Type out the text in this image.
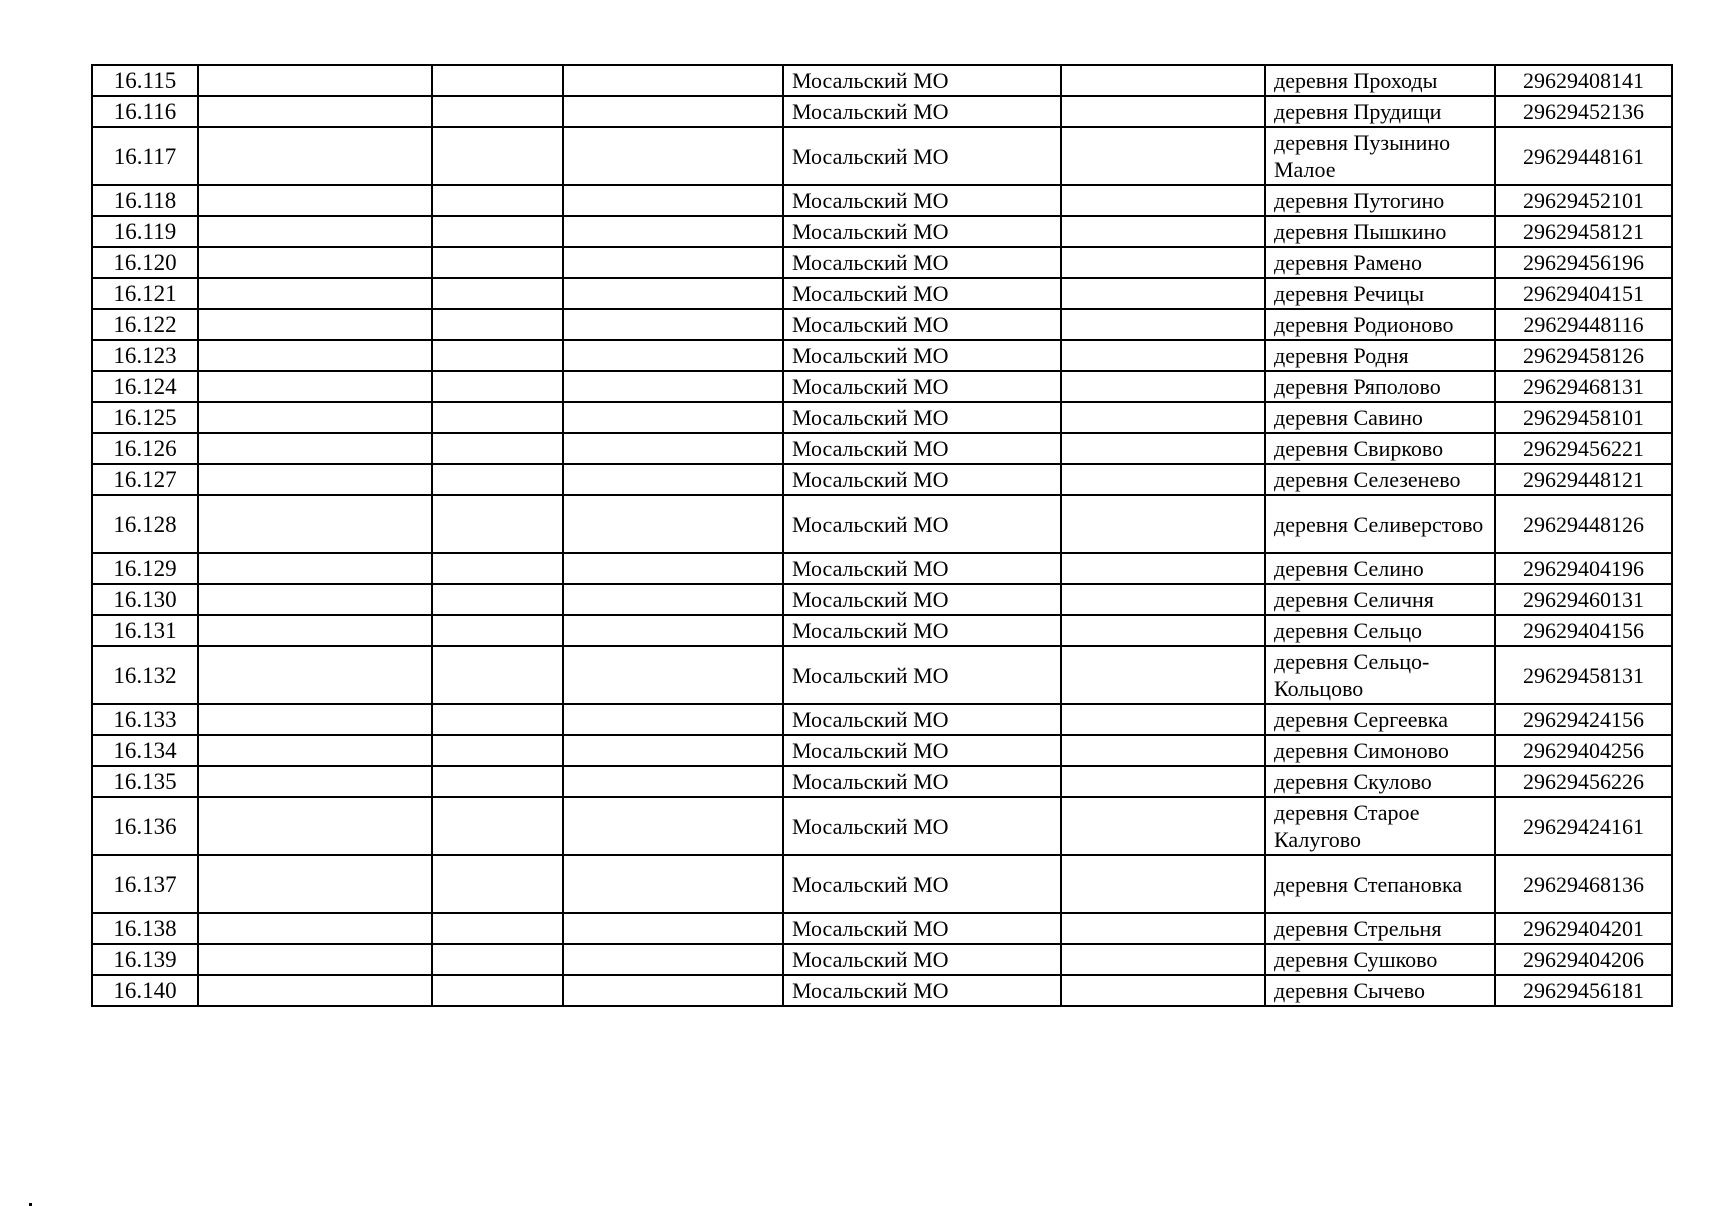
16.115				Мосальский МО		деревня Проходы	29629408141
16.116				Мосальский МО		деревня Прудищи	29629452136
16.117				Мосальский МО		деревня Пузынино Малое	29629448161
16.118				Мосальский МО		деревня Путогино	29629452101
16.119				Мосальский МО		деревня Пышкино	29629458121
16.120				Мосальский МО		деревня Рамено	29629456196
16.121				Мосальский МО		деревня Речицы	29629404151
16.122				Мосальский МО		деревня Родионово	29629448116
16.123				Мосальский МО		деревня Родня	29629458126
16.124				Мосальский МО		деревня Ряполово	29629468131
16.125				Мосальский МО		деревня Савино	29629458101
16.126				Мосальский МО		деревня Свирково	29629456221
16.127				Мосальский МО		деревня Селезенево	29629448121
16.128				Мосальский МО		деревня Селиверстово	29629448126
16.129				Мосальский МО		деревня Селино	29629404196
16.130				Мосальский МО		деревня Селичня	29629460131
16.131				Мосальский МО		деревня Сельцо	29629404156
16.132				Мосальский МО		деревня Сельцо-Кольцово	29629458131
16.133				Мосальский МО		деревня Сергеевка	29629424156
16.134				Мосальский МО		деревня Симоново	29629404256
16.135				Мосальский МО		деревня Скулово	29629456226
16.136				Мосальский МО		деревня Старое Калугово	29629424161
16.137				Мосальский МО		деревня Степановка	29629468136
16.138				Мосальский МО		деревня Стрельня	29629404201
16.139				Мосальский МО		деревня Сушково	29629404206
16.140				Мосальский МО		деревня Сычево	29629456181
